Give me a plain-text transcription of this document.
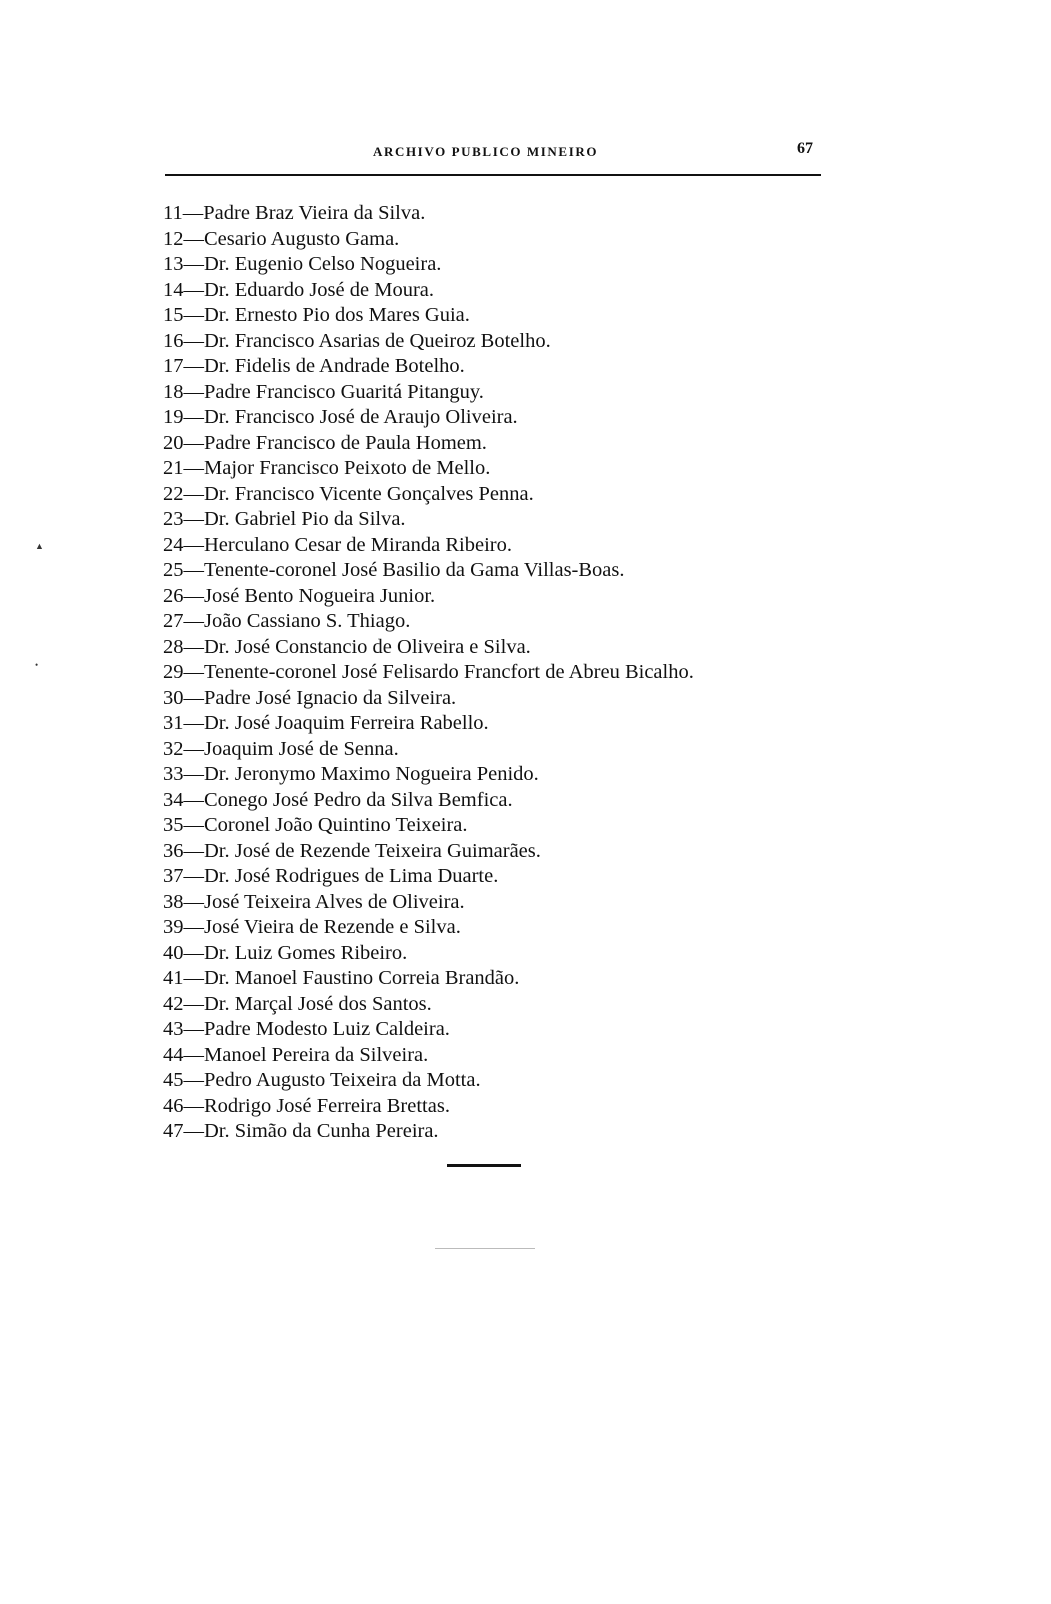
ARCHIVO PUBLICO MINEIRO	67
11—Padre Braz Vieira da Silva.
12—Cesario Augusto Gama.
13—Dr. Eugenio Celso Nogueira.
14—Dr. Eduardo José de Moura.
15—Dr. Ernesto Pio dos Mares Guia.
16—Dr. Francisco Asarias de Queiroz Botelho.
17—Dr. Fidelis de Andrade Botelho.
18—Padre Francisco Guaritá Pitanguy.
19—Dr. Francisco José de Araujo Oliveira.
20—Padre Francisco de Paula Homem.
21—Major Francisco Peixoto de Mello.
22—Dr. Francisco Vicente Gonçalves Penna.
23—Dr. Gabriel Pio da Silva.
24—Herculano Cesar de Miranda Ribeiro.
25—Tenente-coronel José Basilio da Gama Villas-Boas.
26—José Bento Nogueira Junior.
27—João Cassiano S. Thiago.
28—Dr. José Constancio de Oliveira e Silva.
29—Tenente-coronel José Felisardo Francfort de Abreu Bicalho.
30—Padre José Ignacio da Silveira.
31—Dr. José Joaquim Ferreira Rabello.
32—Joaquim José de Senna.
33—Dr. Jeronymo Maximo Nogueira Penido.
34—Conego José Pedro da Silva Bemfica.
35—Coronel João Quintino Teixeira.
36—Dr. José de Rezende Teixeira Guimarães.
37—Dr. José Rodrigues de Lima Duarte.
38—José Teixeira Alves de Oliveira.
39—José Vieira de Rezende e Silva.
40—Dr. Luiz Gomes Ribeiro.
41—Dr. Manoel Faustino Correia Brandão.
42—Dr. Marçal José dos Santos.
43—Padre Modesto Luiz Caldeira.
44—Manoel Pereira da Silveira.
45—Pedro Augusto Teixeira da Motta.
46—Rodrigo José Ferreira Brettas.
47—Dr. Simão da Cunha Pereira.
▲
•
